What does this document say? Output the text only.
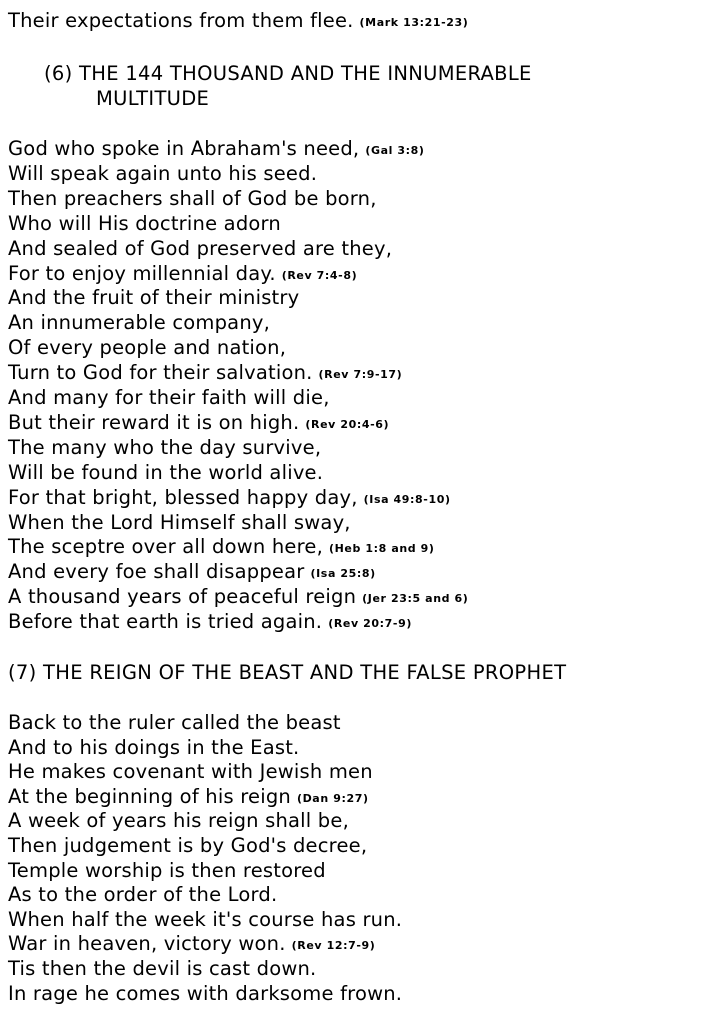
Their expectations from them flee. (Mark 13:21-23)
(6) THE 144 THOUSAND AND THE INNUMERABLE
MULTITUDE
God who spoke in Abraham's need, (Gal 3:8)
Will speak again unto his seed.
Then preachers shall of God be born,
Who will His doctrine adorn
And sealed of God preserved are they,
For to enjoy millennial day. (Rev 7:4-8)
And the fruit of their ministry
An innumerable company,
Of every people and nation,
Turn to God for their salvation. (Rev 7:9-17)
And many for their faith will die,
But their reward it is on high. (Rev 20:4-6)
The many who the day survive,
Will be found in the world alive.
For that bright, blessed happy day, (Isa 49:8-10)
When the Lord Himself shall sway,
The sceptre over all down here, (Heb 1:8 and 9)
And every foe shall disappear (Isa 25:8)
A thousand years of peaceful reign (Jer 23:5 and 6)
Before that earth is tried again. (Rev 20:7-9)
(7) THE REIGN OF THE BEAST AND THE FALSE PROPHET
Back to the ruler called the beast
And to his doings in the East.
He makes covenant with Jewish men
At the beginning of his reign (Dan 9:27)
A week of years his reign shall be,
Then judgement is by God's decree,
Temple worship is then restored
As to the order of the Lord.
When half the week it's course has run.
War in heaven, victory won. (Rev 12:7-9)
Tis then the devil is cast down.
In rage he comes with darksome frown.
